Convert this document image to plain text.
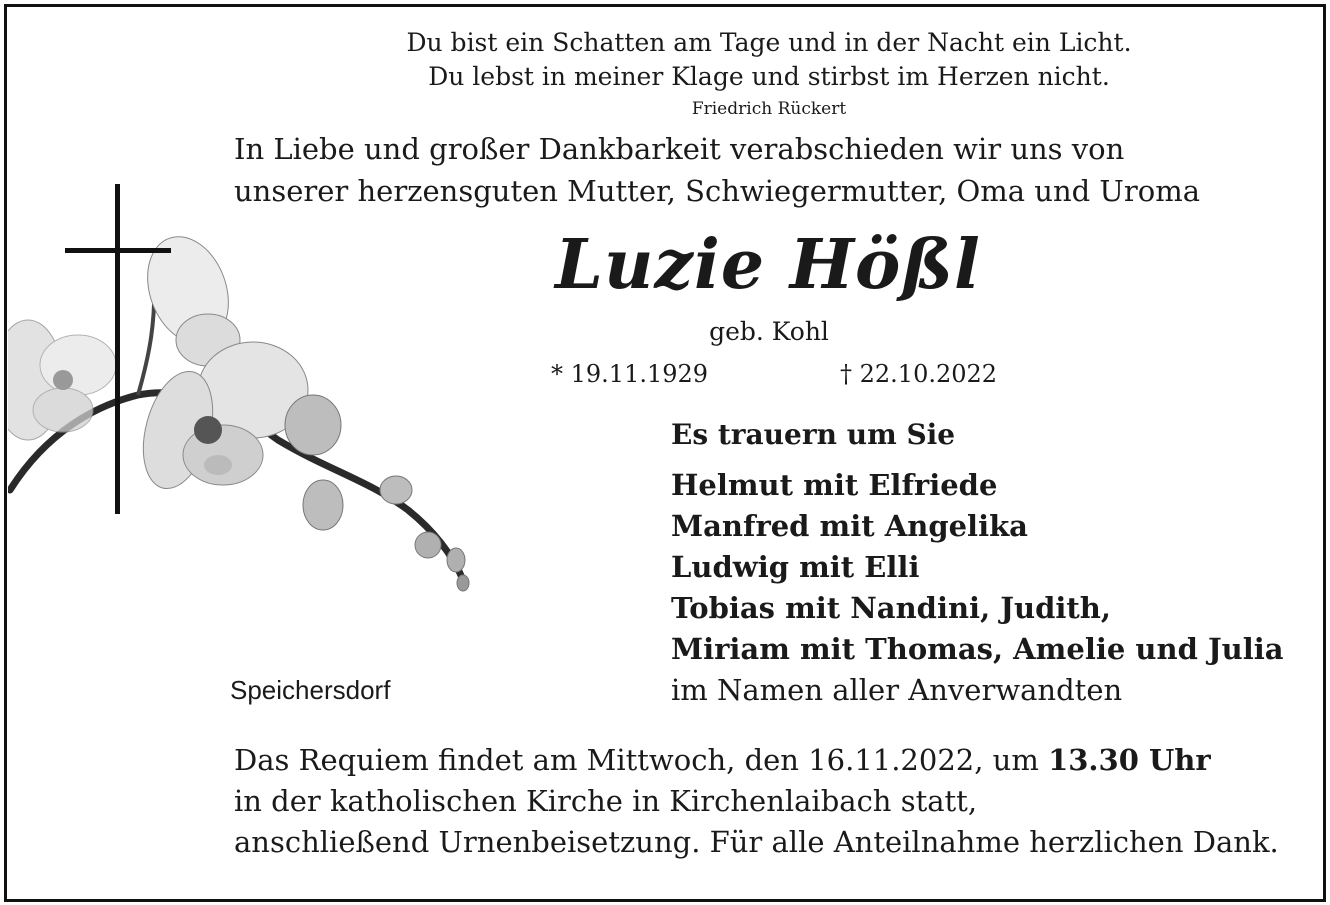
Du bist ein Schatten am Tage und in der Nacht ein Licht.
Du lebst in meiner Klage und stirbst im Herzen nicht.
Friedrich Rückert
In Liebe und großer Dankbarkeit verabschieden wir uns von
unserer herzensguten Mutter, Schwiegermutter, Oma und Uroma
Luzie Hößl
geb. Kohl
* 19.11.1929	† 22.10.2022
Es trauern um Sie
Helmut mit Elfriede
Manfred mit Angelika
Ludwig mit Elli
Tobias mit Nandini, Judith,
Miriam mit Thomas, Amelie und Julia
im Namen aller Anverwandten
Speichersdorf
Das Requiem findet am Mittwoch, den 16.11.2022, um 13.30 Uhr
in der katholischen Kirche in Kirchenlaibach statt,
anschließend Urnenbeisetzung. Für alle Anteilnahme herzlichen Dank.
